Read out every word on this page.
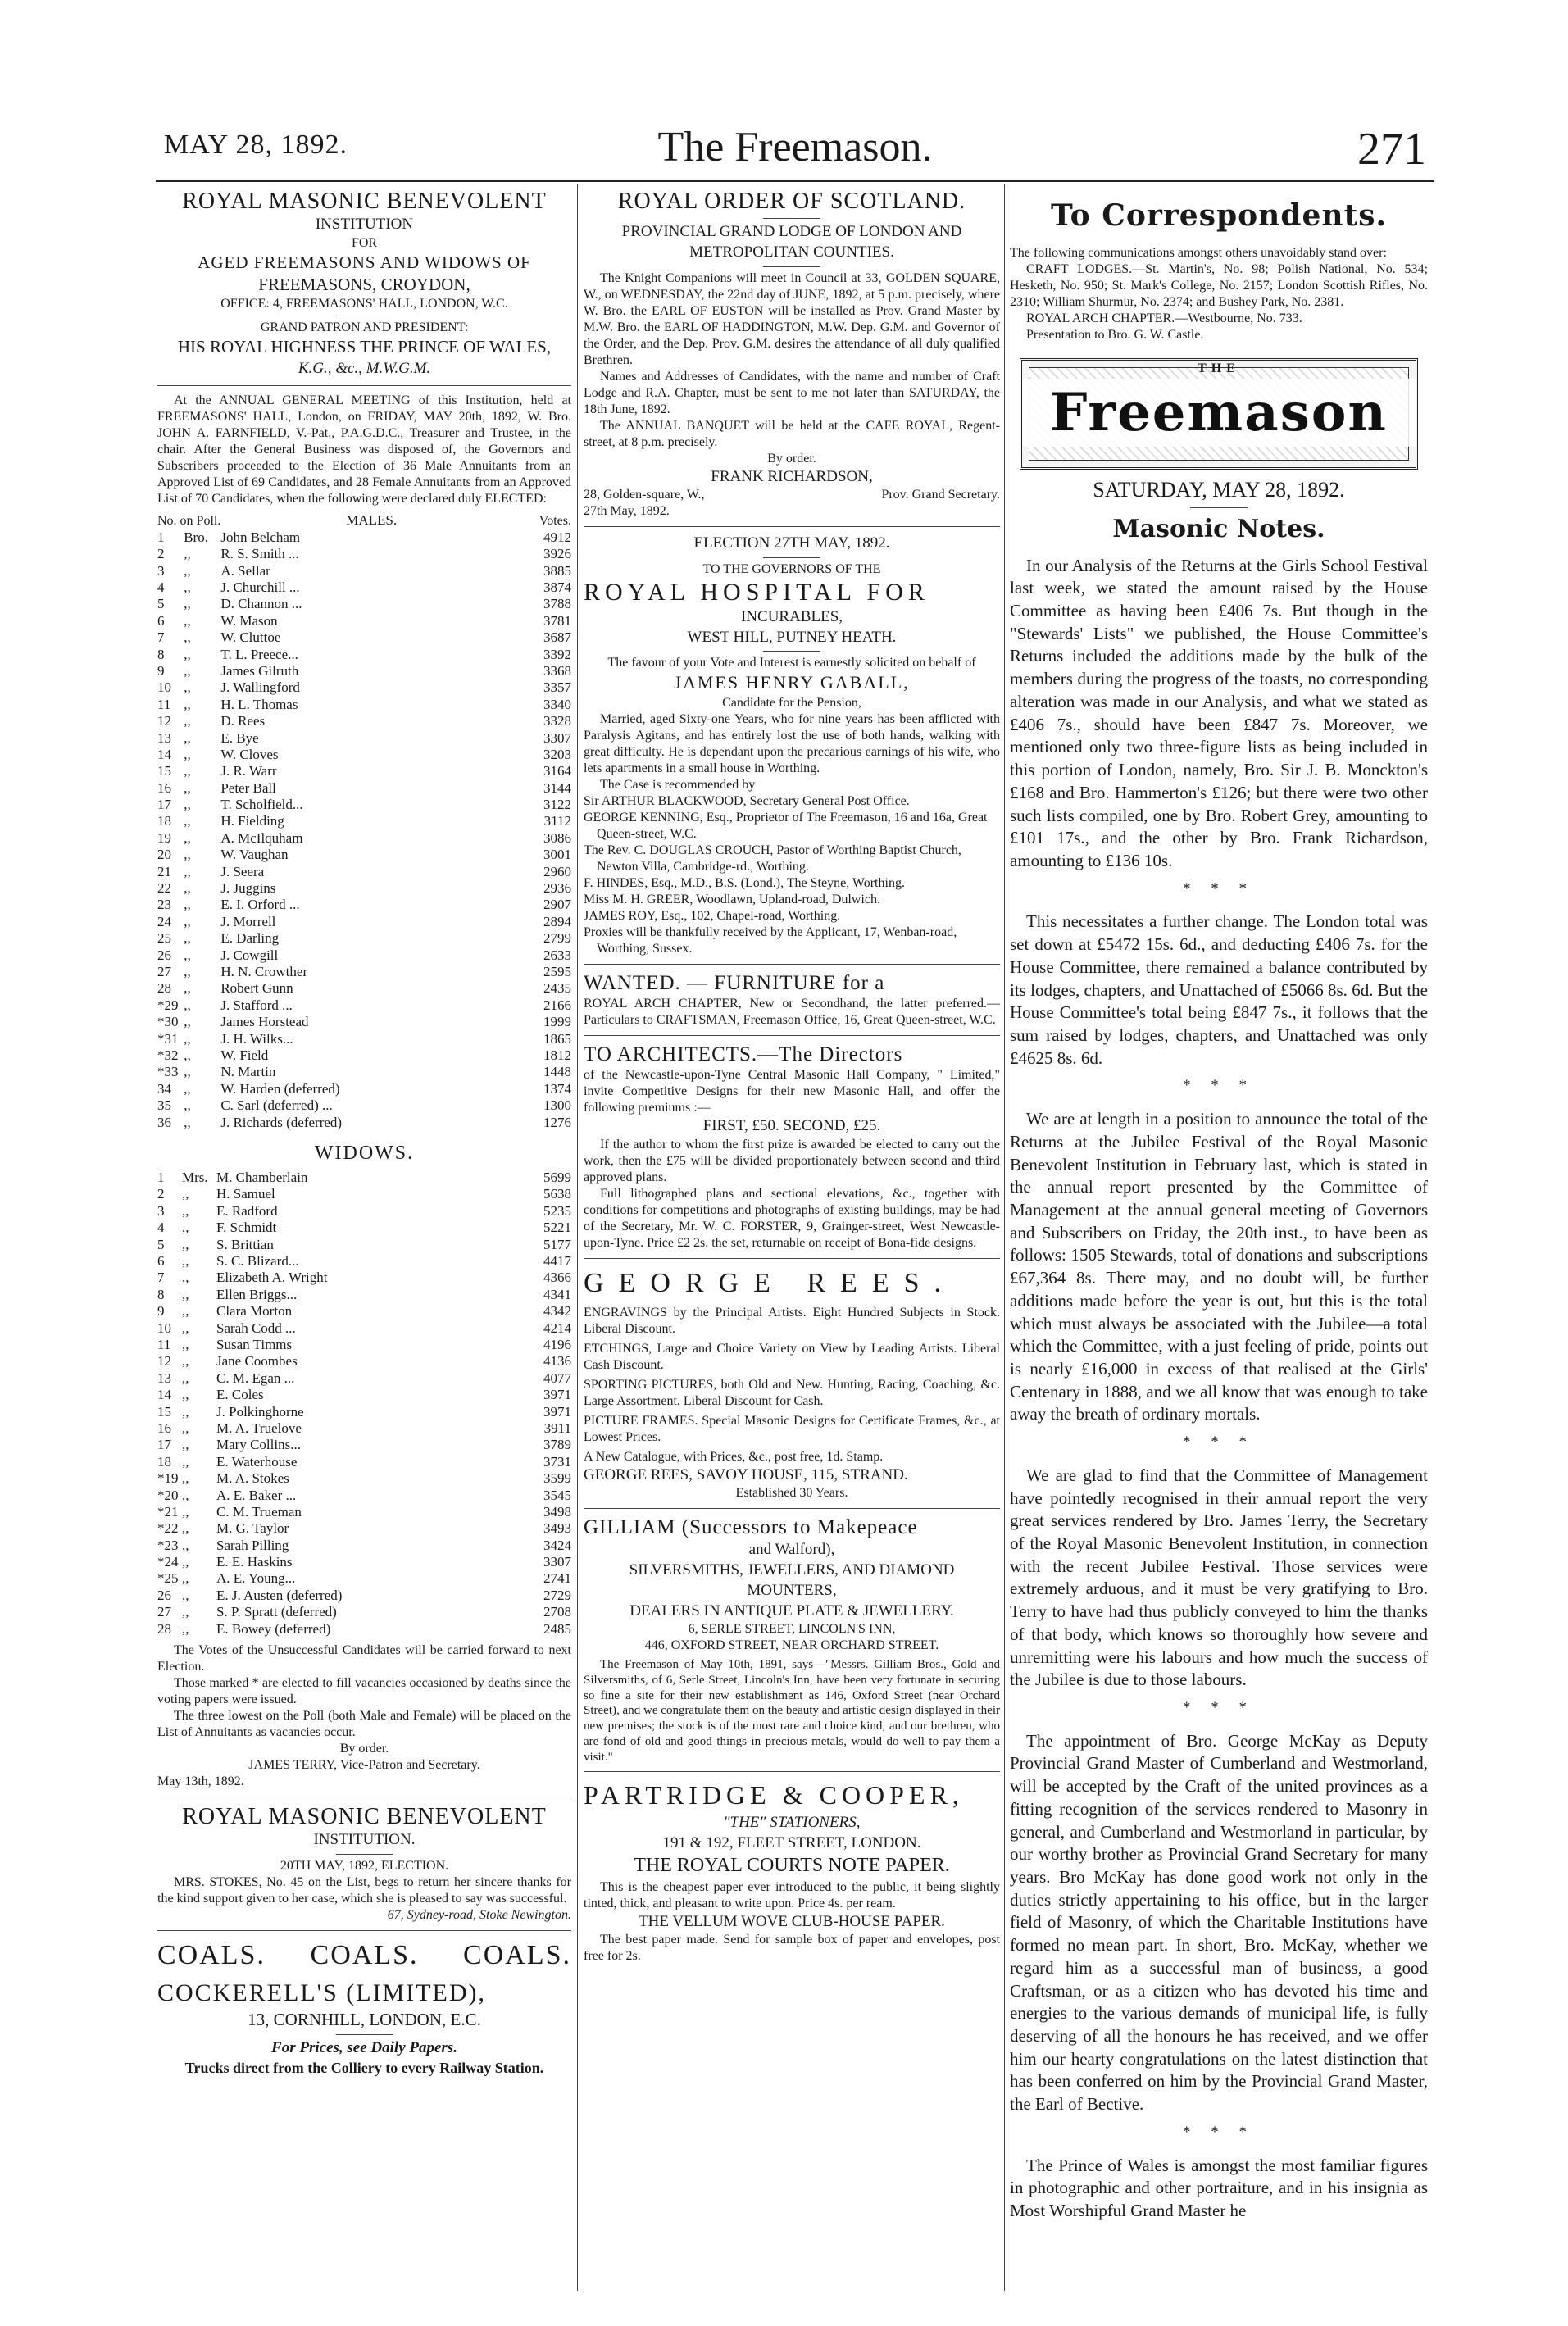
The Freemason.
MAY 28, 1892.	271

ROYAL MASONIC BENEVOLENT

INSTITUTION

FOR

AGED FREEMASONS AND WIDOWS OF

FREEMASONS, CROYDON,

OFFICE: 4, FREEMASONS' HALL, LONDON, W.C.

GRAND PATRON AND PRESIDENT:

HIS ROYAL HIGHNESS THE PRINCE OF WALES,

K.G., &c., M.W.G.M.

At the ANNUAL GENERAL MEETING of this Institution, held at FREEMASONS' HALL, London, on FRIDAY, MAY 20th, 1892, W. Bro. JOHN A. FARNFIELD, V.-Pat., P.A.G.D.C., Treasurer and Trustee, in the chair. After the General Business was disposed of, the Governors and Subscribers proceeded to the Election of 36 Male Annuitants from an Approved List of 69 Candidates, and 28 Female Annuitants from an Approved List of 70 Candidates, when the following were declared duly ELECTED:

No. on Poll.		MALES.	Votes.
1	Bro.	John Belcham	4912
2	,,	R. S. Smith ...	3926
3	,,	A. Sellar	3885
4	,,	J. Churchill ...	3874
5	,,	D. Channon ...	3788
6	,,	W. Mason	3781
7	,,	W. Cluttoe	3687
8	,,	T. L. Preece...	3392
9	,,	James Gilruth	3368
10	,,	J. Wallingford	3357
11	,,	H. L. Thomas	3340
12	,,	D. Rees	3328
13	,,	E. Bye	3307
14	,,	W. Cloves	3203
15	,,	J. R. Warr	3164
16	,,	Peter Ball	3144
17	,,	T. Scholfield...	3122
18	,,	H. Fielding	3112
19	,,	A. McIlquham	3086
20	,,	W. Vaughan	3001
21	,,	J. Seera	2960
22	,,	J. Juggins	2936
23	,,	E. I. Orford ...	2907
24	,,	J. Morrell	2894
25	,,	E. Darling	2799
26	,,	J. Cowgill	2633
27	,,	H. N. Crowther	2595
28	,,	Robert Gunn	2435
*29	,,	J. Stafford ...	2166
*30	,,	James Horstead	1999
*31	,,	J. H. Wilks...	1865
*32	,,	W. Field	1812
*33	,,	N. Martin	1448
34	,,	W. Harden (deferred)	1374
35	,,	C. Sarl (deferred) ...	1300
36	,,	J. Richards (deferred)	1276

WIDOWS.

1	Mrs.	M. Chamberlain	5699
2	,,	H. Samuel	5638
3	,,	E. Radford	5235
4	,,	F. Schmidt	5221
5	,,	S. Brittian	5177
6	,,	S. C. Blizard...	4417
7	,,	Elizabeth A. Wright	4366
8	,,	Ellen Briggs...	4341
9	,,	Clara Morton	4342
10	,,	Sarah Codd ...	4214
11	,,	Susan Timms	4196
12	,,	Jane Coombes	4136
13	,,	C. M. Egan ...	4077
14	,,	E. Coles	3971
15	,,	J. Polkinghorne	3971
16	,,	M. A. Truelove	3911
17	,,	Mary Collins...	3789
18	,,	E. Waterhouse	3731
*19	,,	M. A. Stokes	3599
*20	,,	A. E. Baker ...	3545
*21	,,	C. M. Trueman	3498
*22	,,	M. G. Taylor	3493
*23	,,	Sarah Pilling	3424
*24	,,	E. E. Haskins	3307
*25	,,	A. E. Young...	2741
26	,,	E. J. Austen (deferred)	2729
27	,,	S. P. Spratt (deferred)	2708
28	,,	E. Bowey (deferred)	2485

The Votes of the Unsuccessful Candidates will be carried forward to next Election.

Those marked * are elected to fill vacancies occasioned by deaths since the voting papers were issued.

The three lowest on the Poll (both Male and Female) will be placed on the List of Annuitants as vacancies occur.

By order.

JAMES TERRY, Vice-Patron and Secretary.

May 13th, 1892.

ROYAL MASONIC BENEVOLENT

INSTITUTION.

20TH MAY, 1892, ELECTION.

MRS. STOKES, No. 45 on the List, begs to return her sincere thanks for the kind support given to her case, which she is pleased to say was successful.

67, Sydney-road, Stoke Newington.

COALS. COALS. COALS.

COCKERELL'S (LIMITED),

13, CORNHILL, LONDON, E.C.

For Prices, see Daily Papers.

Trucks direct from the Colliery to every Railway Station.

ROYAL ORDER OF SCOTLAND.

PROVINCIAL GRAND LODGE OF LONDON AND METROPOLITAN COUNTIES.

The Knight Companions will meet in Council at 33, GOLDEN SQUARE, W., on WEDNESDAY, the 22nd day of JUNE, 1892, at 5 p.m. precisely, where W. Bro. the EARL OF EUSTON will be installed as Prov. Grand Master by M.W. Bro. the EARL OF HADDINGTON, M.W. Dep. G.M. and Governor of the Order, and the Dep. Prov. G.M. desires the attendance of all duly qualified Brethren.

Names and Addresses of Candidates, with the name and number of Craft Lodge and R.A. Chapter, must be sent to me not later than SATURDAY, the 18th June, 1892.

The ANNUAL BANQUET will be held at the CAFE ROYAL, Regent-street, at 8 p.m. precisely.

By order.

FRANK RICHARDSON,

28, Golden-square, W.,	Prov. Grand Secretary.

27th May, 1892.

ELECTION 27TH MAY, 1892.

TO THE GOVERNORS OF THE

ROYAL HOSPITAL FOR

INCURABLES,

WEST HILL, PUTNEY HEATH.

The favour of your Vote and Interest is earnestly solicited on behalf of

JAMES HENRY GABALL,

Candidate for the Pension,

Married, aged Sixty-one Years, who for nine years has been afflicted with Paralysis Agitans, and has entirely lost the use of both hands, walking with great difficulty. He is dependant upon the precarious earnings of his wife, who lets apartments in a small house in Worthing.

The Case is recommended by

Sir ARTHUR BLACKWOOD, Secretary General Post Office.

GEORGE KENNING, Esq., Proprietor of The Freemason, 16 and 16a, Great Queen-street, W.C.

The Rev. C. DOUGLAS CROUCH, Pastor of Worthing Baptist Church, Newton Villa, Cambridge-rd., Worthing.

F. HINDES, Esq., M.D., B.S. (Lond.), The Steyne, Worthing.

Miss M. H. GREER, Woodlawn, Upland-road, Dulwich.

JAMES ROY, Esq., 102, Chapel-road, Worthing.

Proxies will be thankfully received by the Applicant, 17, Wenban-road, Worthing, Sussex.

WANTED. — FURNITURE for a

ROYAL ARCH CHAPTER, New or Secondhand, the latter preferred.—Particulars to CRAFTSMAN, Freemason Office, 16, Great Queen-street, W.C.

TO ARCHITECTS.—The Directors

of the Newcastle-upon-Tyne Central Masonic Hall Company, " Limited," invite Competitive Designs for their new Masonic Hall, and offer the following premiums :—

FIRST, £50. SECOND, £25.

If the author to whom the first prize is awarded be elected to carry out the work, then the £75 will be divided proportionately between second and third approved plans.

Full lithographed plans and sectional elevations, &c., together with conditions for competitions and photographs of existing buildings, may be had of the Secretary, Mr. W. C. FORSTER, 9, Grainger-street, West Newcastle-upon-Tyne. Price £2 2s. the set, returnable on receipt of Bona-fide designs.

GEORGE REES.

ENGRAVINGS by the Principal Artists. Eight Hundred Subjects in Stock. Liberal Discount.

ETCHINGS, Large and Choice Variety on View by Leading Artists. Liberal Cash Discount.

SPORTING PICTURES, both Old and New. Hunting, Racing, Coaching, &c. Large Assortment. Liberal Discount for Cash.

PICTURE FRAMES. Special Masonic Designs for Certificate Frames, &c., at Lowest Prices.

A New Catalogue, with Prices, &c., post free, 1d. Stamp.

GEORGE REES, SAVOY HOUSE, 115, STRAND.

Established 30 Years.

GILLIAM (Successors to Makepeace

and Walford),

SILVERSMITHS, JEWELLERS, AND DIAMOND MOUNTERS,

DEALERS IN ANTIQUE PLATE & JEWELLERY.

6, SERLE STREET, LINCOLN'S INN,

446, OXFORD STREET, NEAR ORCHARD STREET.

The Freemason of May 10th, 1891, says—"Messrs. Gilliam Bros., Gold and Silversmiths, of 6, Serle Street, Lincoln's Inn, have been very fortunate in securing so fine a site for their new establishment as 146, Oxford Street (near Orchard Street), and we congratulate them on the beauty and artistic design displayed in their new premises; the stock is of the most rare and choice kind, and our brethren, who are fond of old and good things in precious metals, would do well to pay them a visit."

PARTRIDGE & COOPER,

"THE" STATIONERS,

191 & 192, FLEET STREET, LONDON.

THE ROYAL COURTS NOTE PAPER.

This is the cheapest paper ever introduced to the public, it being slightly tinted, thick, and pleasant to write upon. Price 4s. per ream.

THE VELLUM WOVE CLUB-HOUSE PAPER.

The best paper made. Send for sample box of paper and envelopes, post free for 2s.

To Correspondents.

The following communications amongst others unavoidably stand over:

CRAFT LODGES.—St. Martin's, No. 98; Polish National, No. 534; Hesketh, No. 950; St. Mark's College, No. 2157; London Scottish Rifles, No. 2310; William Shurmur, No. 2374; and Bushey Park, No. 2381.

ROYAL ARCH CHAPTER.—Westbourne, No. 733.

Presentation to Bro. G. W. Castle.

THE
Freemason

SATURDAY, MAY 28, 1892.

Masonic Notes.

In our Analysis of the Returns at the Girls School Festival last week, we stated the amount raised by the House Committee as having been £406 7s. But though in the "Stewards' Lists" we published, the House Committee's Returns included the additions made by the bulk of the members during the progress of the toasts, no corresponding alteration was made in our Analysis, and what we stated as £406 7s., should have been £847 7s. Moreover, we mentioned only two three-figure lists as being included in this portion of London, namely, Bro. Sir J. B. Monckton's £168 and Bro. Hammerton's £126; but there were two other such lists compiled, one by Bro. Robert Grey, amounting to £101 17s., and the other by Bro. Frank Richardson, amounting to £136 10s.

* * *

This necessitates a further change. The London total was set down at £5472 15s. 6d., and deducting £406 7s. for the House Committee, there remained a balance contributed by its lodges, chapters, and Unattached of £5066 8s. 6d. But the House Committee's total being £847 7s., it follows that the sum raised by lodges, chapters, and Unattached was only £4625 8s. 6d.

* * *

We are at length in a position to announce the total of the Returns at the Jubilee Festival of the Royal Masonic Benevolent Institution in February last, which is stated in the annual report presented by the Committee of Management at the annual general meeting of Governors and Subscribers on Friday, the 20th inst., to have been as follows: 1505 Stewards, total of donations and subscriptions £67,364 8s. There may, and no doubt will, be further additions made before the year is out, but this is the total which must always be associated with the Jubilee—a total which the Committee, with a just feeling of pride, points out is nearly £16,000 in excess of that realised at the Girls' Centenary in 1888, and we all know that was enough to take away the breath of ordinary mortals.

* * *

We are glad to find that the Committee of Management have pointedly recognised in their annual report the very great services rendered by Bro. James Terry, the Secretary of the Royal Masonic Benevolent Institution, in connection with the recent Jubilee Festival. Those services were extremely arduous, and it must be very gratifying to Bro. Terry to have had thus publicly conveyed to him the thanks of that body, which knows so thoroughly how severe and unremitting were his labours and how much the success of the Jubilee is due to those labours.

* * *

The appointment of Bro. George McKay as Deputy Provincial Grand Master of Cumberland and Westmorland, will be accepted by the Craft of the united provinces as a fitting recognition of the services rendered to Masonry in general, and Cumberland and Westmorland in particular, by our worthy brother as Provincial Grand Secretary for many years. Bro McKay has done good work not only in the duties strictly appertaining to his office, but in the larger field of Masonry, of which the Charitable Institutions have formed no mean part. In short, Bro. McKay, whether we regard him as a successful man of business, a good Craftsman, or as a citizen who has devoted his time and energies to the various demands of municipal life, is fully deserving of all the honours he has received, and we offer him our hearty congratulations on the latest distinction that has been conferred on him by the Provincial Grand Master, the Earl of Bective.

* * *

The Prince of Wales is amongst the most familiar figures in photographic and other portraiture, and in his insignia as Most Worshipful Grand Master he
